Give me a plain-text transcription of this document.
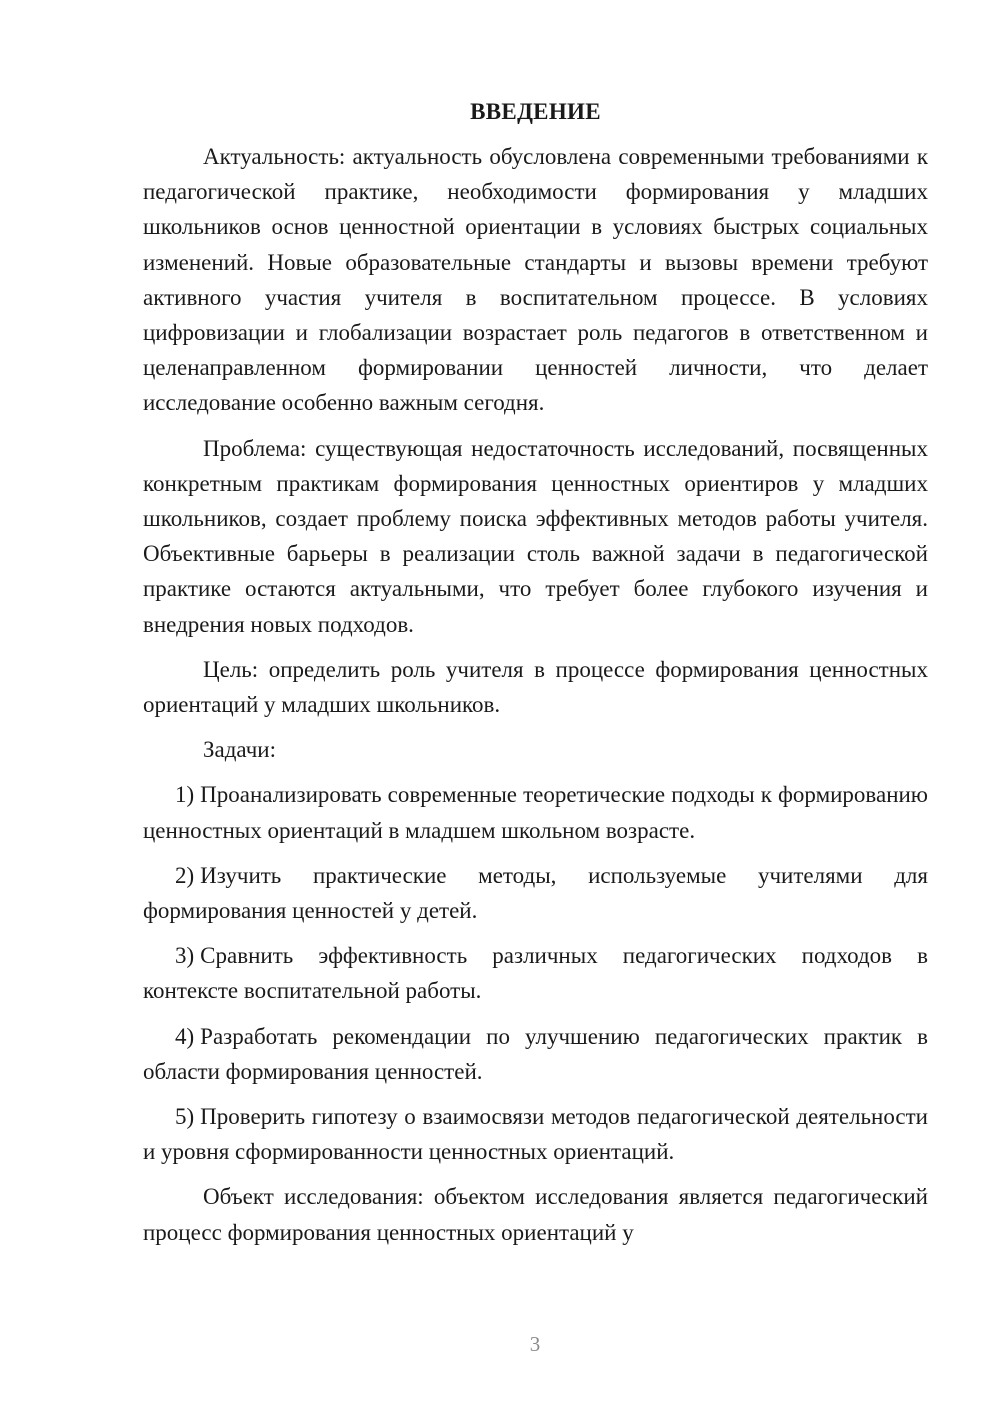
ВВЕДЕНИЕ

Актуальность: актуальность обусловлена современными требованиями к педагогической практике, необходимости формирования у младших школьников основ ценностной ориентации в условиях быстрых социальных изменений. Новые образовательные стандарты и вызовы времени требуют активного участия учителя в воспитательном процессе. В условиях цифровизации и глобализации возрастает роль педагогов в ответственном и целенаправленном формировании ценностей личности, что делает исследование особенно важным сегодня.

Проблема: существующая недостаточность исследований, посвященных конкретным практикам формирования ценностных ориентиров у младших школьников, создает проблему поиска эффективных методов работы учителя. Объективные барьеры в реализации столь важной задачи в педагогической практике остаются актуальными, что требует более глубокого изучения и внедрения новых подходов.

Цель: определить роль учителя в процессе формирования ценностных ориентаций у младших школьников.

Задачи:

1) Проанализировать современные теоретические подходы к формированию ценностных ориентаций в младшем школьном возрасте.

2) Изучить практические методы, используемые учителями для формирования ценностей у детей.

3) Сравнить эффективность различных педагогических подходов в контексте воспитательной работы.

4) Разработать рекомендации по улучшению педагогических практик в области формирования ценностей.

5) Проверить гипотезу о взаимосвязи методов педагогической деятельности и уровня сформированности ценностных ориентаций.

Объект исследования: объектом исследования является педагогический процесс формирования ценностных ориентаций у

3
